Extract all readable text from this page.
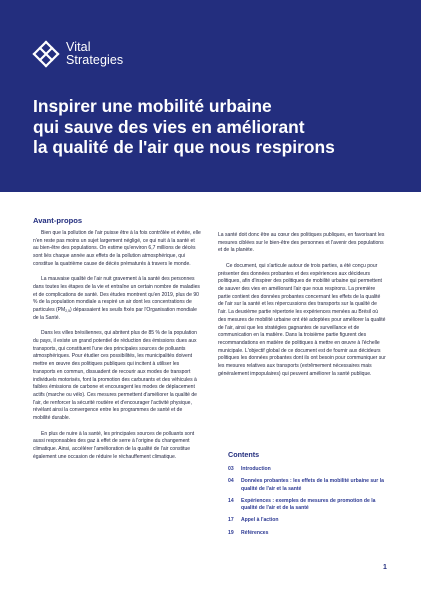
Vital
Strategies
Inspirer une mobilité urbaine
qui sauve des vies en améliorant
la qualité de l'air que nous respirons
Avant-propos

Bien que la pollution de l'air puisse être à la fois contrôlée et évitée, elle n'en reste pas moins un sujet largement négligé, ce qui nuit à la santé et au bien-être des populations. On estime qu'environ 6,7 millions de décès sont liés chaque année aux effets de la pollution atmosphérique, qui constitue la quatrième cause de décès prématurés à travers le monde.

La mauvaise qualité de l'air nuit gravement à la santé des personnes dans toutes les étapes de la vie et entraîne un certain nombre de maladies et de complications de santé. Des études montrent qu'en 2019, plus de 90 % de la population mondiale a respiré un air dont les concentrations de particules $(PM_{2,5})$ dépassaient les seuils fixés par l'Organisation mondiale de la Santé.

Dans les villes brésiliennes, qui abritent plus de 85 % de la population du pays, il existe un grand potentiel de réduction des émissions dues aux transports, qui constituent l'une des principales sources de polluants atmosphériques. Pour étudier ces possibilités, les municipalités doivent mettre en œuvre des politiques publiques qui incitent à utiliser les transports en commun, dissuadent de recourir aux modes de transport individuels motorisés, font la promotion des carburants et des véhicules à faibles émissions de carbone et encouragent les modes de déplacement actifs (marche ou vélo). Ces mesures permettent d'améliorer la qualité de l'air, de renforcer la sécurité routière et d'encourager l'activité physique, révélant ainsi la convergence entre les programmes de santé et de mobilité durable.

En plus de nuire à la santé, les principales sources de polluants sont aussi responsables des gaz à effet de serre à l'origine du changement climatique. Ainsi, accélérer l'amélioration de la qualité de l'air constitue également une occasion de réduire le réchauffement climatique.

La santé doit donc être au cœur des politiques publiques, en favorisant les mesures ciblées sur le bien-être des personnes et l'avenir des populations et de la planète.

Ce document, qui s'articule autour de trois parties, a été conçu pour présenter des données probantes et des expériences aux décideurs politiques, afin d'inspirer des politiques de mobilité urbaine qui permettent de sauver des vies en améliorant l'air que nous respirons. La première partie contient des données probantes concernant les effets de la qualité de l'air sur la santé et les répercussions des transports sur la qualité de l'air. La deuxième partie répertorie les expériences menées au Brésil où des mesures de mobilité urbaine ont été adoptées pour améliorer la qualité de l'air, ainsi que les stratégies gagnantes de surveillance et de communication en la matière. Dans la troisième partie figurent des recommandations en matière de politiques à mettre en œuvre à l'échelle municipale. L'objectif global de ce document est de fournir aux décideurs politiques les données probantes dont ils ont besoin pour communiquer sur les mesures relatives aux transports (extrêmement nécessaires mais généralement impopulaires) qui peuvent améliorer la santé publique.

Contents
03	Introduction
04	Données probantes : les effets de la mobilité urbaine sur la qualité de l'air et la santé
14	Expériences : exemples de mesures de promotion de la qualité de l'air et de la santé
17	Appel à l'action
19	Références
1
